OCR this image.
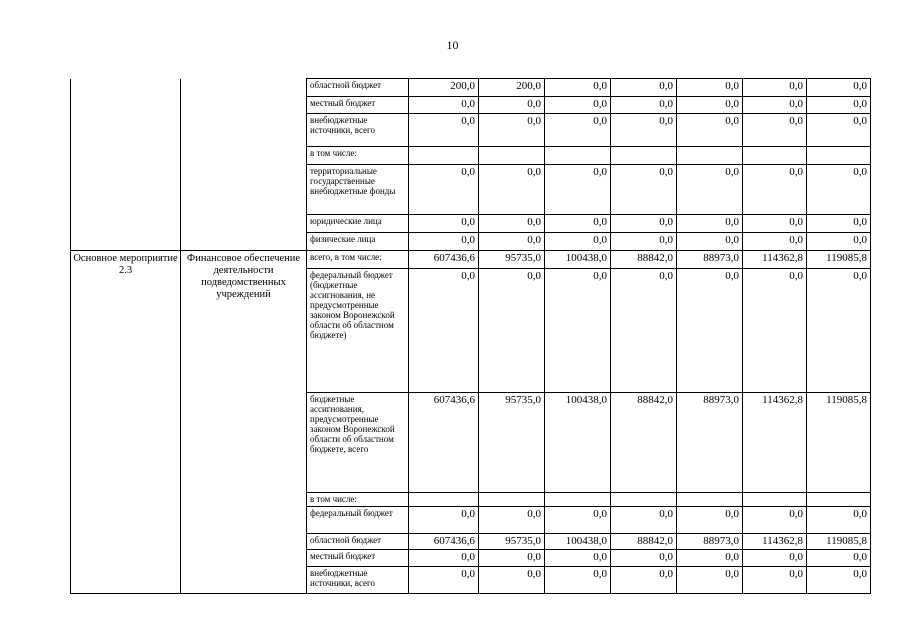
10
		областной бюджет	200,0	200,0	0,0	0,0	0,0	0,0	0,0
		местный бюджет	0,0	0,0	0,0	0,0	0,0	0,0	0,0
		внебюджетные источники, всего	0,0	0,0	0,0	0,0	0,0	0,0	0,0
		в том числе:							
		территориальные государственные внебюджетные фонды	0,0	0,0	0,0	0,0	0,0	0,0	0,0
		юридические лица	0,0	0,0	0,0	0,0	0,0	0,0	0,0
		физические лица	0,0	0,0	0,0	0,0	0,0	0,0	0,0
Основное мероприятие 2.3	Финансовое обеспечение деятельности подведомственных учреждений	всего, в том числе:	607436,6	95735,0	100438,0	88842,0	88973,0	114362,8	119085,8
		федеральный бюджет (бюджетные ассигнования, не предусмотренные законом Воронежской области об областном бюджете)	0,0	0,0	0,0	0,0	0,0	0,0	0,0
		бюджетные ассигнования, предусмотренные законом Воронежской области об областном бюджете, всего	607436,6	95735,0	100438,0	88842,0	88973,0	114362,8	119085,8
		в том числе:							
		федеральный бюджет	0,0	0,0	0,0	0,0	0,0	0,0	0,0
		областной бюджет	607436,6	95735,0	100438,0	88842,0	88973,0	114362,8	119085,8
		местный бюджет	0,0	0,0	0,0	0,0	0,0	0,0	0,0
		внебюджетные источники, всего	0,0	0,0	0,0	0,0	0,0	0,0	0,0
